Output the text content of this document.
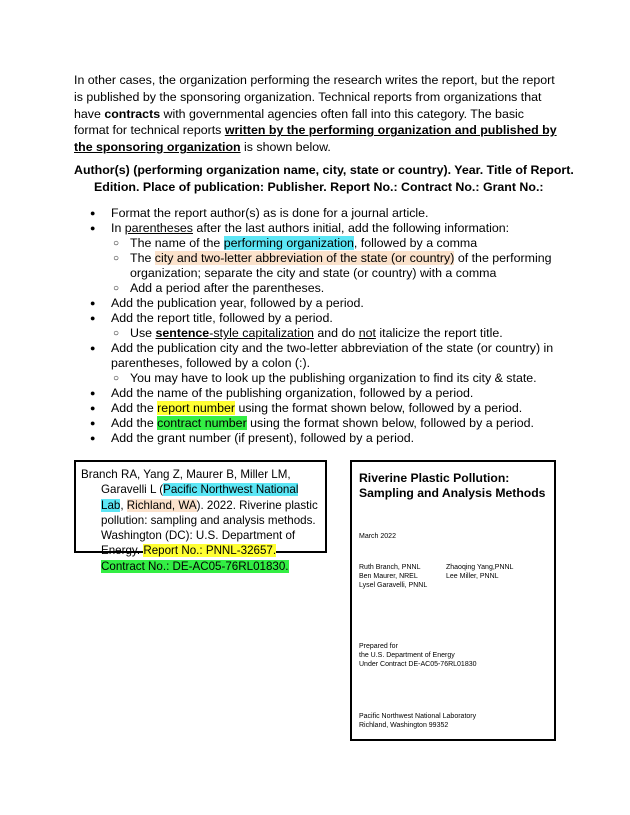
In other cases, the organization performing the research writes the report, but the report is published by the sponsoring organization. Technical reports from organizations that have contracts with governmental agencies often fall into this category. The basic format for technical reports written by the performing organization and published by the sponsoring organization is shown below.

Author(s) (performing organization name, city, state or country). Year. Title of Report. Edition. Place of publication: Publisher. Report No.: Contract No.: Grant No.:

● Format the report author(s) as is done for a journal article.
● In parentheses after the last authors initial, add the following information:
○ The name of the performing organization, followed by a comma
○ The city and two-letter abbreviation of the state (or country) of the performing organization; separate the city and state (or country) with a comma
○ Add a period after the parentheses.
● Add the publication year, followed by a period.
● Add the report title, followed by a period.
○ Use sentence-style capitalization and do not italicize the report title.
● Add the publication city and the two-letter abbreviation of the state (or country) in parentheses, followed by a colon (:).
○ You may have to look up the publishing organization to find its city & state.
● Add the name of the publishing organization, followed by a period.
● Add the report number using the format shown below, followed by a period.
● Add the contract number using the format shown below, followed by a period.
● Add the grant number (if present), followed by a period.

Branch RA, Yang Z, Maurer B, Miller LM, Garavelli L (Pacific Northwest National Lab, Richland, WA). 2022. Riverine plastic pollution: sampling and analysis methods. Washington (DC): U.S. Department of Energy. Report No.: PNNL-32657. Contract No.: DE-AC05-76RL01830.

Riverine Plastic Pollution: Sampling and Analysis Methods
March 2022
Ruth Branch, PNNL	Zhaoqing Yang,PNNL
Ben Maurer, NREL	Lee Miller, PNNL
Lysel Garavelli, PNNL
Prepared for
the U.S. Department of Energy
Under Contract DE-AC05-76RL01830
Pacific Northwest National Laboratory
Richland, Washington 99352
